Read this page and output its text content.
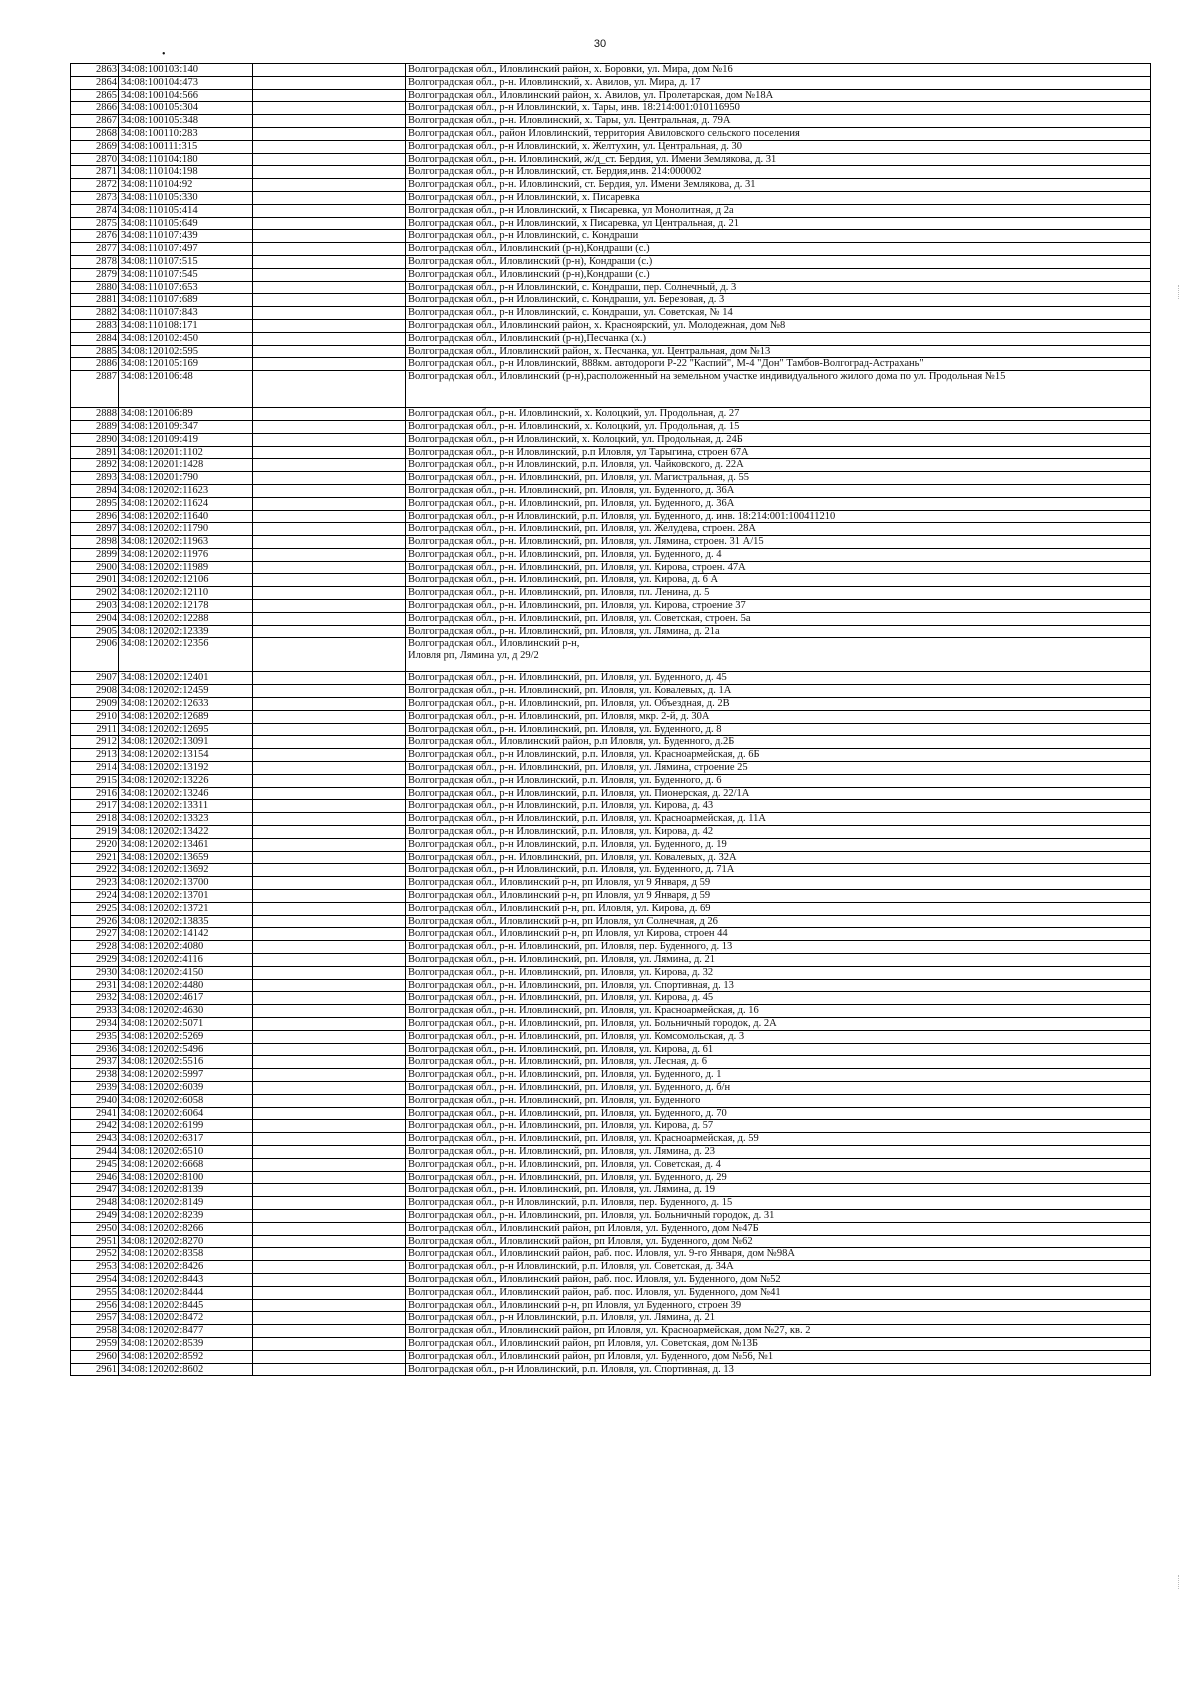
30
•
2863	34:08:100103:140		Волгоградская обл., Иловлинский район, х. Боровки, ул. Мира, дом №16

2864	34:08:100104:473		Волгоградская обл., р-н. Иловлинский, х. Авилов, ул. Мира, д. 17

2865	34:08:100104:566		Волгоградская обл., Иловлинский район, х. Авилов, ул. Пролетарская, дом №18А

2866	34:08:100105:304		Волгоградская обл., р-н Иловлинский, х. Тары, инв. 18:214:001:010116950

2867	34:08:100105:348		Волгоградская обл., р-н. Иловлинский, х. Тары, ул. Центральная, д. 79А

2868	34:08:100110:283		Волгоградская обл., район Иловлинский, территория Авиловского сельского поселения

2869	34:08:100111:315		Волгоградская обл., р-н Иловлинский, х. Желтухин, ул. Центральная, д. 30

2870	34:08:110104:180		Волгоградская обл., р-н. Иловлинский, ж/д_ст. Бердия, ул. Имени Землякова, д. 31

2871	34:08:110104:198		Волгоградская обл., р-н Иловлинский, ст. Бердия,инв. 214:000002

2872	34:08:110104:92		Волгоградская обл., р-н. Иловлинский, ст. Бердия, ул. Имени Землякова, д. 31

2873	34:08:110105:330		Волгоградская обл., р-н Иловлинский, х. Писаревка

2874	34:08:110105:414		Волгоградская обл., р-н Иловлинский, х Писаревка, ул Монолитная, д 2а

2875	34:08:110105:649		Волгоградская обл., р-н Иловлинский, х Писаревка, ул Центральная, д. 21

2876	34:08:110107:439		Волгоградская обл., р-н Иловлинский, с. Кондраши

2877	34:08:110107:497		Волгоградская обл., Иловлинский (р-н),Кондраши (с.)

2878	34:08:110107:515		Волгоградская обл., Иловлинский (р-н), Кондраши (с.)

2879	34:08:110107:545		Волгоградская обл., Иловлинский (р-н),Кондраши (с.)

2880	34:08:110107:653		Волгоградская обл., р-н Иловлинский, с. Кондраши, пер. Солнечный, д. 3

2881	34:08:110107:689		Волгоградская обл., р-н Иловлинский, с. Кондраши, ул. Березовая, д. 3

2882	34:08:110107:843		Волгоградская обл., р-н Иловлинский, с. Кондраши, ул. Советская, № 14

2883	34:08:110108:171		Волгоградская обл., Иловлинский район, х. Красноярский, ул. Молодежная, дом №8

2884	34:08:120102:450		Волгоградская обл., Иловлинский (р-н),Песчанка (х.)

2885	34:08:120102:595		Волгоградская обл., Иловлинский район, х. Песчанка, ул. Центральная, дом №13

2886	34:08:120105:169		Волгоградская обл., р-н Иловлинский, 888км. автодороги Р-22 "Каспий", М-4 "Дон" Тамбов-Волгоград-Астрахань"

2887	34:08:120106:48		Волгоградская обл., Иловлинский (р-н),расположенный на земельном участке индивидуального жилого дома по ул. Продольная №15

2888	34:08:120106:89		Волгоградская обл., р-н. Иловлинский, х. Колоцкий, ул. Продольная, д. 27

2889	34:08:120109:347		Волгоградская обл., р-н. Иловлинский, х. Колоцкий, ул. Продольная, д. 15

2890	34:08:120109:419		Волгоградская обл., р-н Иловлинский, х. Колоцкий, ул. Продольная, д. 24Б

2891	34:08:120201:1102		Волгоградская обл., р-н Иловлинский, р.п Иловля, ул Тарыгина, строен 67А

2892	34:08:120201:1428		Волгоградская обл., р-н Иловлинский, р.п. Иловля, ул. Чайковского, д. 22А

2893	34:08:120201:790		Волгоградская обл., р-н. Иловлинский, рп. Иловля, ул. Магистральная, д. 55

2894	34:08:120202:11623		Волгоградская обл., р-н. Иловлинский, рп. Иловля, ул. Буденного, д. 36А

2895	34:08:120202:11624		Волгоградская обл., р-н. Иловлинский, рп. Иловля, ул. Буденного, д. 36А

2896	34:08:120202:11640		Волгоградская обл., р-н Иловлинский, р.п. Иловля, ул. Буденного, д. инв. 18:214:001:100411210

2897	34:08:120202:11790		Волгоградская обл., р-н. Иловлинский, рп. Иловля, ул. Желудева, строен. 28А

2898	34:08:120202:11963		Волгоградская обл., р-н. Иловлинский, рп. Иловля, ул. Лямина, строен. 31 А/15

2899	34:08:120202:11976		Волгоградская обл., р-н. Иловлинский, рп. Иловля, ул. Буденного, д. 4

2900	34:08:120202:11989		Волгоградская обл., р-н. Иловлинский, рп. Иловля, ул. Кирова, строен. 47А

2901	34:08:120202:12106		Волгоградская обл., р-н. Иловлинский, рп. Иловля, ул. Кирова, д. 6 А

2902	34:08:120202:12110		Волгоградская обл., р-н. Иловлинский, рп. Иловля, пл. Ленина, д. 5

2903	34:08:120202:12178		Волгоградская обл., р-н. Иловлинский, рп. Иловля, ул. Кирова, строение 37

2904	34:08:120202:12288		Волгоградская обл., р-н. Иловлинский, рп. Иловля, ул. Советская, строен. 5а

2905	34:08:120202:12339		Волгоградская обл., р-н. Иловлинский, рп. Иловля, ул. Лямина, д. 21а

2906	34:08:120202:12356		Волгоградская обл., Иловлинский р-н,
Иловля рп, Лямина ул, д 29/2

2907	34:08:120202:12401		Волгоградская обл., р-н. Иловлинский, рп. Иловля, ул. Буденного, д. 45

2908	34:08:120202:12459		Волгоградская обл., р-н. Иловлинский, рп. Иловля, ул. Ковалевых, д. 1А

2909	34:08:120202:12633		Волгоградская обл., р-н. Иловлинский, рп. Иловля, ул. Объездная, д. 2В

2910	34:08:120202:12689		Волгоградская обл., р-н. Иловлинский, рп. Иловля, мкр. 2-й, д. 30А

2911	34:08:120202:12695		Волгоградская обл., р-н. Иловлинский, рп. Иловля, ул. Буденного, д. 8

2912	34:08:120202:13091		Волгоградская обл., Иловлинский район, р.п Иловля, ул. Буденного, д.2Б

2913	34:08:120202:13154		Волгоградская обл., р-н Иловлинский, р.п. Иловля, ул. Красноармейская, д. 6Б

2914	34:08:120202:13192		Волгоградская обл., р-н. Иловлинский, рп. Иловля, ул. Лямина, строение 25

2915	34:08:120202:13226		Волгоградская обл., р-н Иловлинский, р.п. Иловля, ул. Буденного, д. 6

2916	34:08:120202:13246		Волгоградская обл., р-н Иловлинский, р.п. Иловля, ул. Пионерская, д. 22/1А

2917	34:08:120202:13311		Волгоградская обл., р-н Иловлинский, р.п. Иловля, ул. Кирова, д. 43

2918	34:08:120202:13323		Волгоградская обл., р-н Иловлинский, р.п. Иловля, ул. Красноармейская, д. 11А

2919	34:08:120202:13422		Волгоградская обл., р-н Иловлинский, р.п. Иловля, ул. Кирова, д. 42

2920	34:08:120202:13461		Волгоградская обл., р-н Иловлинский, р.п. Иловля, ул. Буденного, д. 19

2921	34:08:120202:13659		Волгоградская обл., р-н. Иловлинский, рп. Иловля, ул. Ковалевых, д. 32А

2922	34:08:120202:13692		Волгоградская обл., р-н Иловлинский, р.п. Иловля, ул. Буденного, д. 71А

2923	34:08:120202:13700		Волгоградская обл., Иловлинский р-н, рп Иловля, ул 9 Января, д 59

2924	34:08:120202:13701		Волгоградская обл., Иловлинский р-н, рп Иловля, ул 9 Января, д 59

2925	34:08:120202:13721		Волгоградская обл., Иловлинский р-н, рп. Иловля, ул. Кирова, д. 69

2926	34:08:120202:13835		Волгоградская обл., Иловлинский р-н, рп Иловля, ул Солнечная, д 26

2927	34:08:120202:14142		Волгоградская обл., Иловлинский р-н, рп Иловля, ул Кирова, строен 44

2928	34:08:120202:4080		Волгоградская обл., р-н. Иловлинский, рп. Иловля, пер. Буденного, д. 13

2929	34:08:120202:4116		Волгоградская обл., р-н. Иловлинский, рп. Иловля, ул. Лямина, д. 21

2930	34:08:120202:4150		Волгоградская обл., р-н. Иловлинский, рп. Иловля, ул. Кирова, д. 32

2931	34:08:120202:4480		Волгоградская обл., р-н. Иловлинский, рп. Иловля, ул. Спортивная, д. 13

2932	34:08:120202:4617		Волгоградская обл., р-н. Иловлинский, рп. Иловля, ул. Кирова, д. 45

2933	34:08:120202:4630		Волгоградская обл., р-н. Иловлинский, рп. Иловля, ул. Красноармейская, д. 16

2934	34:08:120202:5071		Волгоградская обл., р-н. Иловлинский, рп. Иловля, ул. Больничный городок, д. 2А

2935	34:08:120202:5269		Волгоградская обл., р-н. Иловлинский, рп. Иловля, ул. Комсомольская, д. 3

2936	34:08:120202:5496		Волгоградская обл., р-н. Иловлинский, рп. Иловля, ул. Кирова, д. 61

2937	34:08:120202:5516		Волгоградская обл., р-н. Иловлинский, рп. Иловля, ул. Лесная, д. 6

2938	34:08:120202:5997		Волгоградская обл., р-н. Иловлинский, рп. Иловля, ул. Буденного, д. 1

2939	34:08:120202:6039		Волгоградская обл., р-н. Иловлинский, рп. Иловля, ул. Буденного, д. б/н

2940	34:08:120202:6058		Волгоградская обл., р-н. Иловлинский, рп. Иловля, ул. Буденного

2941	34:08:120202:6064		Волгоградская обл., р-н. Иловлинский, рп. Иловля, ул. Буденного, д. 70

2942	34:08:120202:6199		Волгоградская обл., р-н. Иловлинский, рп. Иловля, ул. Кирова, д. 57

2943	34:08:120202:6317		Волгоградская обл., р-н. Иловлинский, рп. Иловля, ул. Красноармейская, д. 59

2944	34:08:120202:6510		Волгоградская обл., р-н. Иловлинский, рп. Иловля, ул. Лямина, д. 23

2945	34:08:120202:6668		Волгоградская обл., р-н. Иловлинский, рп. Иловля, ул. Советская, д. 4

2946	34:08:120202:8100		Волгоградская обл., р-н. Иловлинский, рп. Иловля, ул. Буденного, д. 29

2947	34:08:120202:8139		Волгоградская обл., р-н. Иловлинский, рп. Иловля, ул. Лямина, д. 19

2948	34:08:120202:8149		Волгоградская обл., р-н Иловлинский, р.п. Иловля, пер. Буденного, д. 15

2949	34:08:120202:8239		Волгоградская обл., р-н. Иловлинский, рп. Иловля, ул. Больничный городок, д. 31

2950	34:08:120202:8266		Волгоградская обл., Иловлинский район, рп Иловля, ул. Буденного, дом №47Б

2951	34:08:120202:8270		Волгоградская обл., Иловлинский район, рп Иловля, ул. Буденного, дом №62

2952	34:08:120202:8358		Волгоградская обл., Иловлинский район, раб. пос. Иловля, ул. 9-го Января, дом №98А

2953	34:08:120202:8426		Волгоградская обл., р-н Иловлинский, р.п. Иловля, ул. Советская, д. 34А

2954	34:08:120202:8443		Волгоградская обл., Иловлинский район, раб. пос. Иловля, ул. Буденного, дом №52

2955	34:08:120202:8444		Волгоградская обл., Иловлинский район, раб. пос. Иловля, ул. Буденного, дом №41

2956	34:08:120202:8445		Волгоградская обл., Иловлинский р-н, рп Иловля, ул Буденного, строен 39

2957	34:08:120202:8472		Волгоградская обл., р-н Иловлинский, р.п. Иловля, ул. Лямина, д. 21

2958	34:08:120202:8477		Волгоградская обл., Иловлинский район, рп Иловля, ул. Красноармейская, дом №27, кв. 2

2959	34:08:120202:8539		Волгоградская обл., Иловлинский район, рп Иловля, ул. Советская, дом №13Б

2960	34:08:120202:8592		Волгоградская обл., Иловлинский район, рп Иловля, ул. Буденного, дом №56, №1

2961	34:08:120202:8602		Волгоградская обл., р-н Иловлинский, р.п. Иловля, ул. Спортивная, д. 13
